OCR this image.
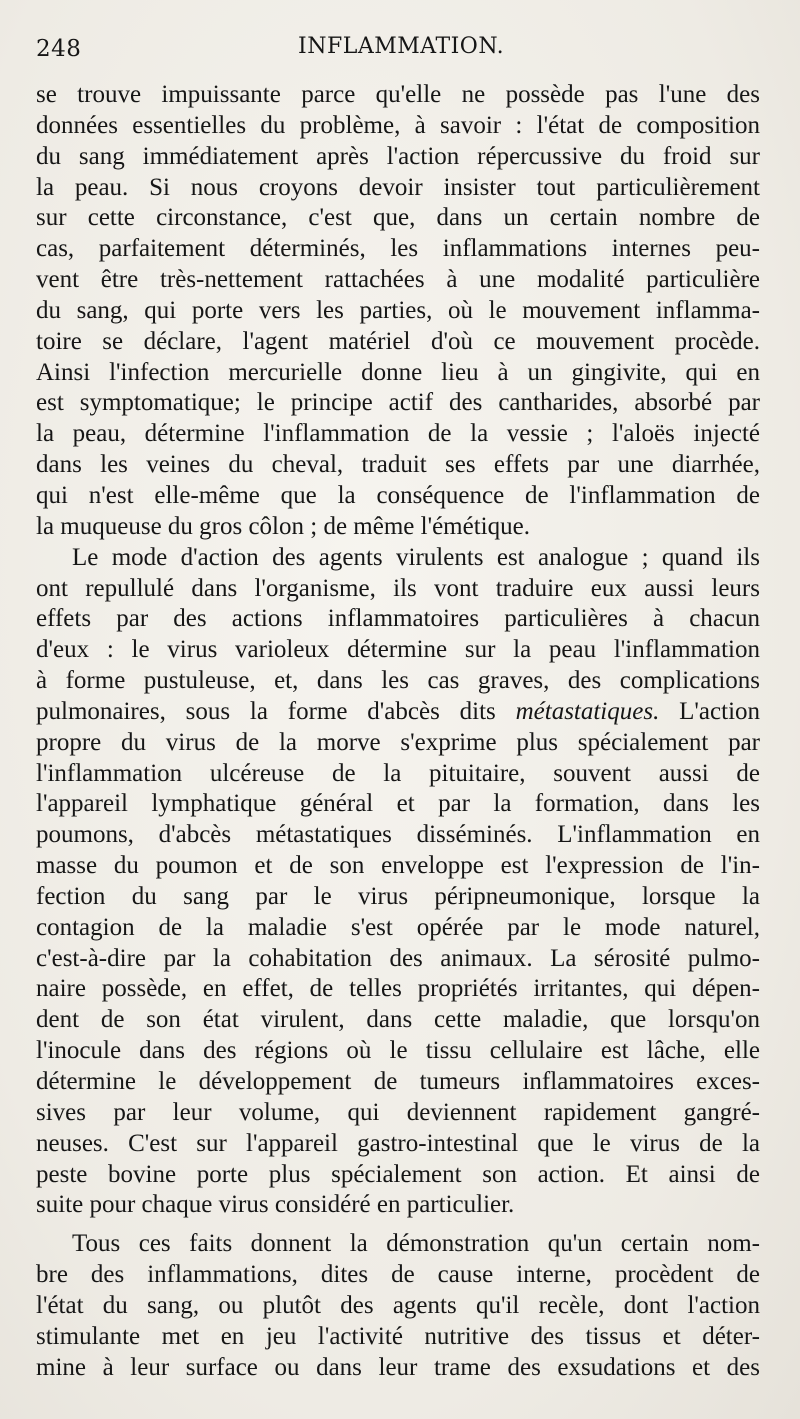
248	INFLAMMATION.

se trouve impuissante parce qu'elle ne possède pas l'une des
données essentielles du problème, à savoir : l'état de composition
du sang immédiatement après l'action répercussive du froid sur
la peau. Si nous croyons devoir insister tout particulièrement
sur cette circonstance, c'est que, dans un certain nombre de
cas, parfaitement déterminés, les inflammations internes peu-
vent être très-nettement rattachées à une modalité particulière
du sang, qui porte vers les parties, où le mouvement inflamma-
toire se déclare, l'agent matériel d'où ce mouvement procède.
Ainsi l'infection mercurielle donne lieu à un gingivite, qui en
est symptomatique; le principe actif des cantharides, absorbé par
la peau, détermine l'inflammation de la vessie ; l'aloës injecté
dans les veines du cheval, traduit ses effets par une diarrhée,
qui n'est elle-même que la conséquence de l'inflammation de
la muqueuse du gros côlon ; de même l'émétique.

Le mode d'action des agents virulents est analogue ; quand ils
ont repullulé dans l'organisme, ils vont traduire eux aussi leurs
effets par des actions inflammatoires particulières à chacun
d'eux : le virus varioleux détermine sur la peau l'inflammation
à forme pustuleuse, et, dans les cas graves, des complications
pulmonaires, sous la forme d'abcès dits métastatiques. L'action
propre du virus de la morve s'exprime plus spécialement par
l'inflammation ulcéreuse de la pituitaire, souvent aussi de
l'appareil lymphatique général et par la formation, dans les
poumons, d'abcès métastatiques disséminés. L'inflammation en
masse du poumon et de son enveloppe est l'expression de l'in-
fection du sang par le virus péripneumonique, lorsque la
contagion de la maladie s'est opérée par le mode naturel,
c'est-à-dire par la cohabitation des animaux. La sérosité pulmo-
naire possède, en effet, de telles propriétés irritantes, qui dépen-
dent de son état virulent, dans cette maladie, que lorsqu'on
l'inocule dans des régions où le tissu cellulaire est lâche, elle
détermine le développement de tumeurs inflammatoires exces-
sives par leur volume, qui deviennent rapidement gangré-
neuses. C'est sur l'appareil gastro-intestinal que le virus de la
peste bovine porte plus spécialement son action. Et ainsi de
suite pour chaque virus considéré en particulier.

Tous ces faits donnent la démonstration qu'un certain nom-
bre des inflammations, dites de cause interne, procèdent de
l'état du sang, ou plutôt des agents qu'il recèle, dont l'action
stimulante met en jeu l'activité nutritive des tissus et déter-
mine à leur surface ou dans leur trame des exsudations et des
